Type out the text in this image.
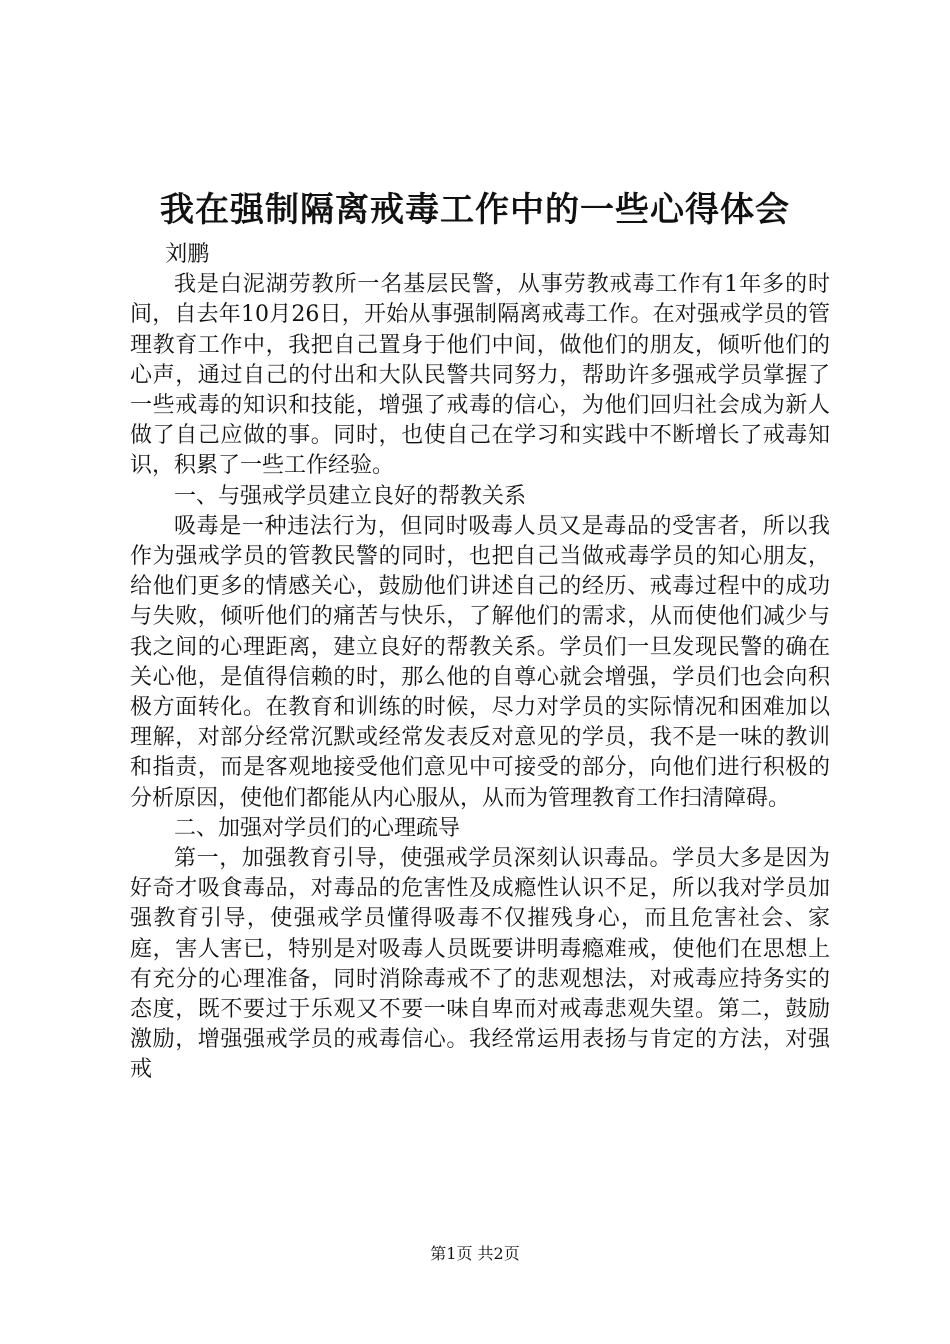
我在强制隔离戒毒工作中的一些心得体会

刘鹏

我是白泥湖劳教所一名基层民警，从事劳教戒毒工作有1年多的时间，自去年10月26日，开始从事强制隔离戒毒工作。在对强戒学员的管理教育工作中，我把自己置身于他们中间，做他们的朋友，倾听他们的心声，通过自己的付出和大队民警共同努力，帮助许多强戒学员掌握了一些戒毒的知识和技能，增强了戒毒的信心，为他们回归社会成为新人做了自己应做的事。同时，也使自己在学习和实践中不断增长了戒毒知识，积累了一些工作经验。

一、与强戒学员建立良好的帮教关系

吸毒是一种违法行为，但同时吸毒人员又是毒品的受害者，所以我作为强戒学员的管教民警的同时，也把自己当做戒毒学员的知心朋友，给他们更多的情感关心，鼓励他们讲述自己的经历、戒毒过程中的成功与失败，倾听他们的痛苦与快乐，了解他们的需求，从而使他们减少与我之间的心理距离，建立良好的帮教关系。学员们一旦发现民警的确在关心他，是值得信赖的时，那么他的自尊心就会增强，学员们也会向积极方面转化。在教育和训练的时候，尽力对学员的实际情况和困难加以理解，对部分经常沉默或经常发表反对意见的学员，我不是一味的教训和指责，而是客观地接受他们意见中可接受的部分，向他们进行积极的分析原因，使他们都能从内心服从，从而为管理教育工作扫清障碍。

二、加强对学员们的心理疏导

第一，加强教育引导，使强戒学员深刻认识毒品。学员大多是因为好奇才吸食毒品，对毒品的危害性及成瘾性认识不足，所以我对学员加强教育引导，使强戒学员懂得吸毒不仅摧残身心，而且危害社会、家庭，害人害已，特别是对吸毒人员既要讲明毒瘾难戒，使他们在思想上有充分的心理准备，同时消除毒戒不了的悲观想法，对戒毒应持务实的态度，既不要过于乐观又不要一味自卑而对戒毒悲观失望。第二，鼓励激励，增强强戒学员的戒毒信心。我经常运用表扬与肯定的方法，对强戒

第1页 共2页
